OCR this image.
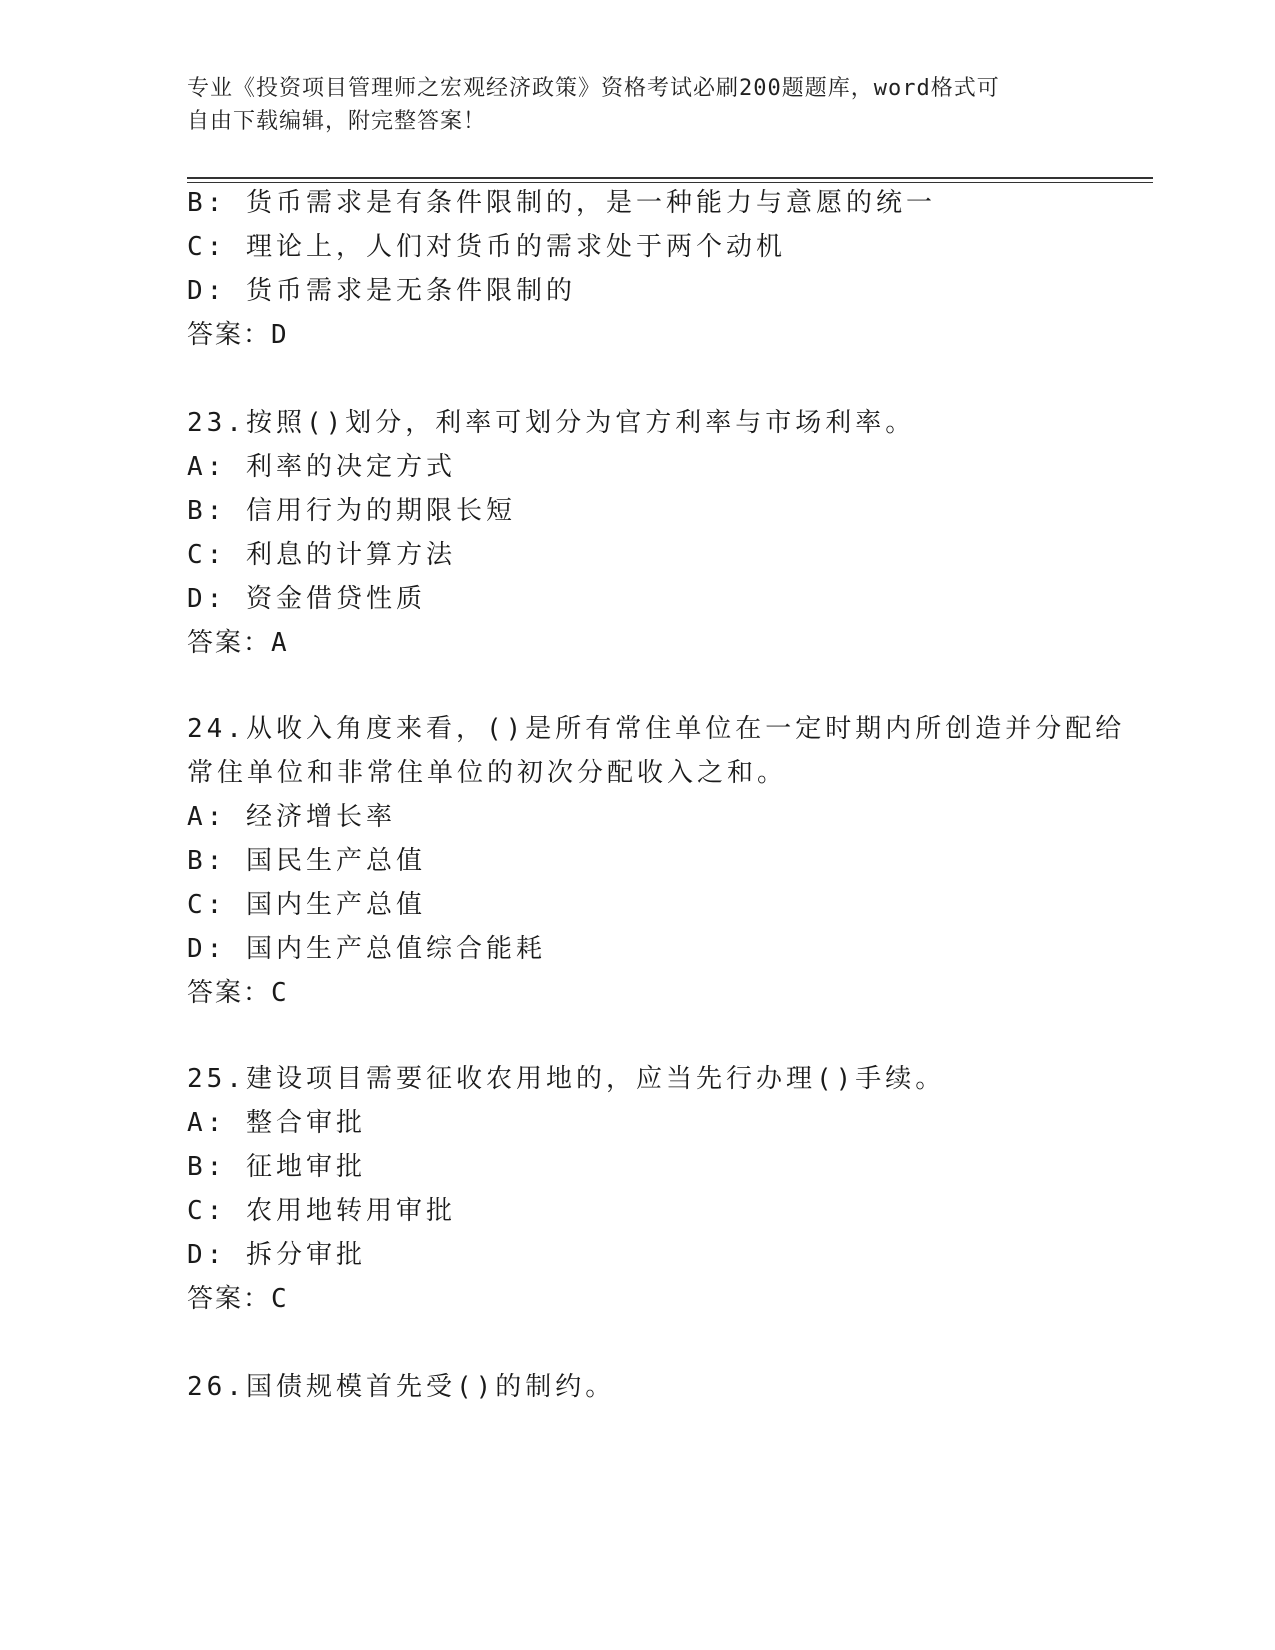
专业《投资项目管理师之宏观经济政策》资格考试必刷200题题库，word格式可
自由下载编辑，附完整答案！
B: 货币需求是有条件限制的，是一种能力与意愿的统一
C: 理论上，人们对货币的需求处于两个动机
D: 货币需求是无条件限制的
答案：D
23.按照()划分，利率可划分为官方利率与市场利率。
A: 利率的决定方式
B: 信用行为的期限长短
C: 利息的计算方法
D: 资金借贷性质
答案：A
24.从收入角度来看，()是所有常住单位在一定时期内所创造并分配给
常住单位和非常住单位的初次分配收入之和。
A: 经济增长率
B: 国民生产总值
C: 国内生产总值
D: 国内生产总值综合能耗
答案：C
25.建设项目需要征收农用地的，应当先行办理()手续。
A: 整合审批
B: 征地审批
C: 农用地转用审批
D: 拆分审批
答案：C
26.国债规模首先受()的制约。
